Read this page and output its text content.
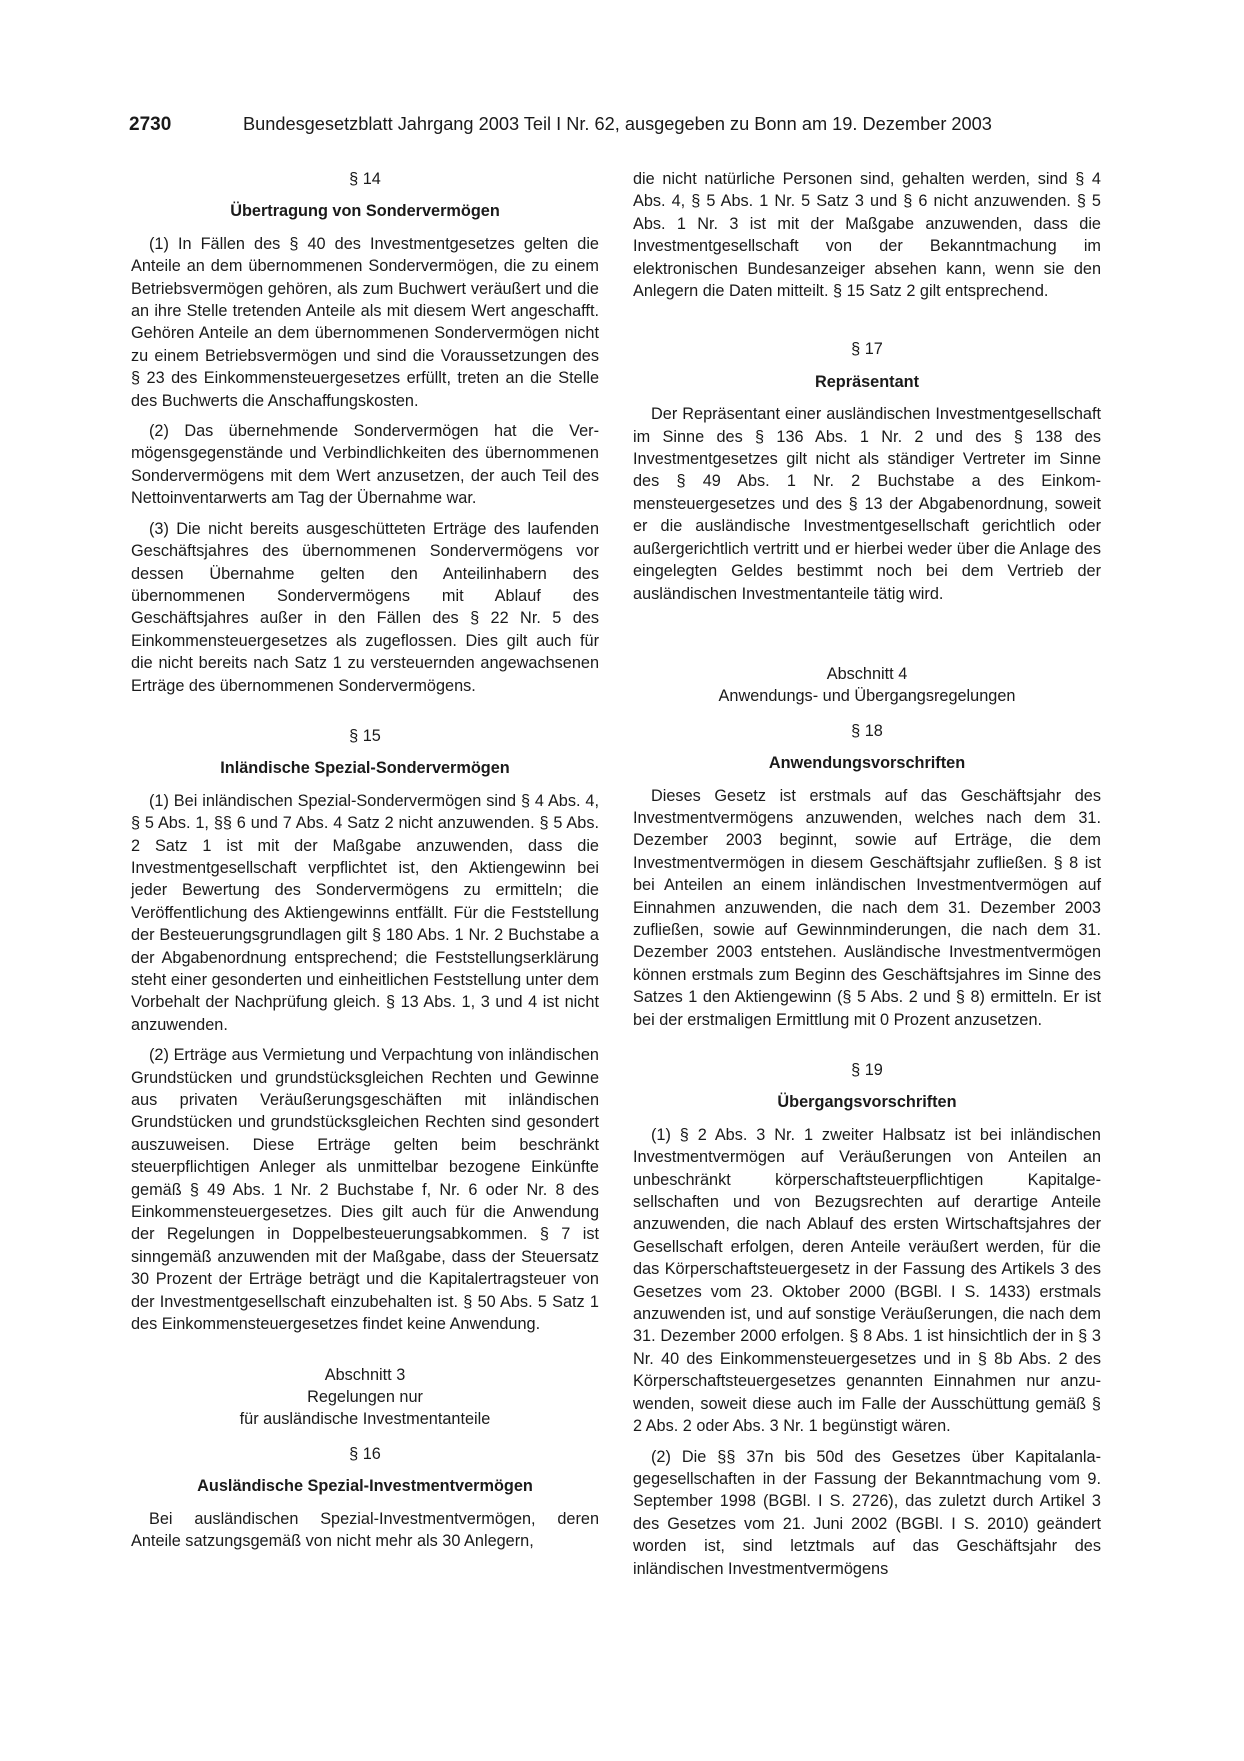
2730	Bundesgesetzblatt Jahrgang 2003 Teil I Nr. 62, ausgegeben zu Bonn am 19. Dezember 2003

§ 14

Übertragung von Sondervermögen

(1) In Fällen des § 40 des Investmentgesetzes gelten die Anteile an dem übernommenen Sondervermögen, die zu einem Betriebsvermögen gehören, als zum Buchwert veräußert und die an ihre Stelle tretenden Anteile als mit diesem Wert angeschafft. Gehören Anteile an dem übernommenen Sondervermögen nicht zu einem Betriebsvermögen und sind die Voraussetzungen des § 23 des Einkommensteuergesetzes erfüllt, treten an die Stelle des Buchwerts die Anschaffungskosten.

(2) Das übernehmende Sondervermögen hat die Vermögensgegenstände und Verbindlichkeiten des übernommenen Sondervermögens mit dem Wert anzusetzen, der auch Teil des Nettoinventarwerts am Tag der Übernahme war.

(3) Die nicht bereits ausgeschütteten Erträge des laufenden Geschäftsjahres des übernommenen Sondervermögens vor dessen Übernahme gelten den Anteilinhabern des übernommenen Sondervermögens mit Ablauf des Geschäftsjahres außer in den Fällen des § 22 Nr. 5 des Einkommensteuergesetzes als zugeflossen. Dies gilt auch für die nicht bereits nach Satz 1 zu versteuernden angewachsenen Erträge des übernommenen Sondervermögens.

§ 15

Inländische Spezial-Sondervermögen

(1) Bei inländischen Spezial-Sondervermögen sind § 4 Abs. 4, § 5 Abs. 1, §§ 6 und 7 Abs. 4 Satz 2 nicht anzuwenden. § 5 Abs. 2 Satz 1 ist mit der Maßgabe anzuwenden, dass die Investmentgesellschaft verpflichtet ist, den Aktiengewinn bei jeder Bewertung des Sondervermögens zu ermitteln; die Veröffentlichung des Aktiengewinns entfällt. Für die Feststellung der Besteuerungsgrundlagen gilt § 180 Abs. 1 Nr. 2 Buchstabe a der Abgabenordnung entsprechend; die Feststellungserklärung steht einer gesonderten und einheitlichen Feststellung unter dem Vorbehalt der Nachprüfung gleich. § 13 Abs. 1, 3 und 4 ist nicht anzuwenden.

(2) Erträge aus Vermietung und Verpachtung von inländischen Grundstücken und grundstücksgleichen Rechten und Gewinne aus privaten Veräußerungsgeschäften mit inländischen Grundstücken und grundstücksgleichen Rechten sind gesondert auszuweisen. Diese Erträge gelten beim beschränkt steuerpflichtigen Anleger als unmittelbar bezogene Einkünfte gemäß § 49 Abs. 1 Nr. 2 Buchstabe f, Nr. 6 oder Nr. 8 des Einkommensteuergesetzes. Dies gilt auch für die Anwendung der Regelungen in Doppelbesteuerungsabkommen. § 7 ist sinngemäß anzuwenden mit der Maßgabe, dass der Steuersatz 30 Prozent der Erträge beträgt und die Kapitalertragsteuer von der Investmentgesellschaft einzubehalten ist. § 50 Abs. 5 Satz 1 des Einkommensteuergesetzes findet keine Anwendung.

Abschnitt 3

Regelungen nur

für ausländische Investmentanteile

§ 16

Ausländische Spezial-Investmentvermögen

Bei ausländischen Spezial-Investmentvermögen, deren Anteile satzungsgemäß von nicht mehr als 30 Anlegern,

die nicht natürliche Personen sind, gehalten werden, sind § 4 Abs. 4, § 5 Abs. 1 Nr. 5 Satz 3 und § 6 nicht anzuwenden. § 5 Abs. 1 Nr. 3 ist mit der Maßgabe anzuwenden, dass die Investmentgesellschaft von der Bekanntmachung im elektronischen Bundesanzeiger absehen kann, wenn sie den Anlegern die Daten mitteilt. § 15 Satz 2 gilt entsprechend.

§ 17

Repräsentant

Der Repräsentant einer ausländischen Investmentgesellschaft im Sinne des § 136 Abs. 1 Nr. 2 und des § 138 des Investmentgesetzes gilt nicht als ständiger Vertreter im Sinne des § 49 Abs. 1 Nr. 2 Buchstabe a des Einkommensteuergesetzes und des § 13 der Abgabenordnung, soweit er die ausländische Investmentgesellschaft gerichtlich oder außergerichtlich vertritt und er hierbei weder über die Anlage des eingelegten Geldes bestimmt noch bei dem Vertrieb der ausländischen Investmentanteile tätig wird.

Abschnitt 4

Anwendungs- und Übergangsregelungen

§ 18

Anwendungsvorschriften

Dieses Gesetz ist erstmals auf das Geschäftsjahr des Investmentvermögens anzuwenden, welches nach dem 31. Dezember 2003 beginnt, sowie auf Erträge, die dem Investmentvermögen in diesem Geschäftsjahr zufließen. § 8 ist bei Anteilen an einem inländischen Investmentvermögen auf Einnahmen anzuwenden, die nach dem 31. Dezember 2003 zufließen, sowie auf Gewinnminderungen, die nach dem 31. Dezember 2003 entstehen. Ausländische Investmentvermögen können erstmals zum Beginn des Geschäftsjahres im Sinne des Satzes 1 den Aktiengewinn (§ 5 Abs. 2 und § 8) ermitteln. Er ist bei der erstmaligen Ermittlung mit 0 Prozent anzusetzen.

§ 19

Übergangsvorschriften

(1) § 2 Abs. 3 Nr. 1 zweiter Halbsatz ist bei inländischen Investmentvermögen auf Veräußerungen von Anteilen an unbeschränkt körperschaftsteuerpflichtigen Kapitalgesellschaften und von Bezugsrechten auf derartige Anteile anzuwenden, die nach Ablauf des ersten Wirtschaftsjahres der Gesellschaft erfolgen, deren Anteile veräußert werden, für die das Körperschaftsteuergesetz in der Fassung des Artikels 3 des Gesetzes vom 23. Oktober 2000 (BGBl. I S. 1433) erstmals anzuwenden ist, und auf sonstige Veräußerungen, die nach dem 31. Dezember 2000 erfolgen. § 8 Abs. 1 ist hinsichtlich der in § 3 Nr. 40 des Einkommensteuergesetzes und in § 8b Abs. 2 des Körperschaftsteuergesetzes genannten Einnahmen nur anzuwenden, soweit diese auch im Falle der Ausschüttung gemäß § 2 Abs. 2 oder Abs. 3 Nr. 1 begünstigt wären.

(2) Die §§ 37n bis 50d des Gesetzes über Kapitalanlagegesellschaften in der Fassung der Bekanntmachung vom 9. September 1998 (BGBl. I S. 2726), das zuletzt durch Artikel 3 des Gesetzes vom 21. Juni 2002 (BGBl. I S. 2010) geändert worden ist, sind letztmals auf das Geschäftsjahr des inländischen Investmentvermögens
